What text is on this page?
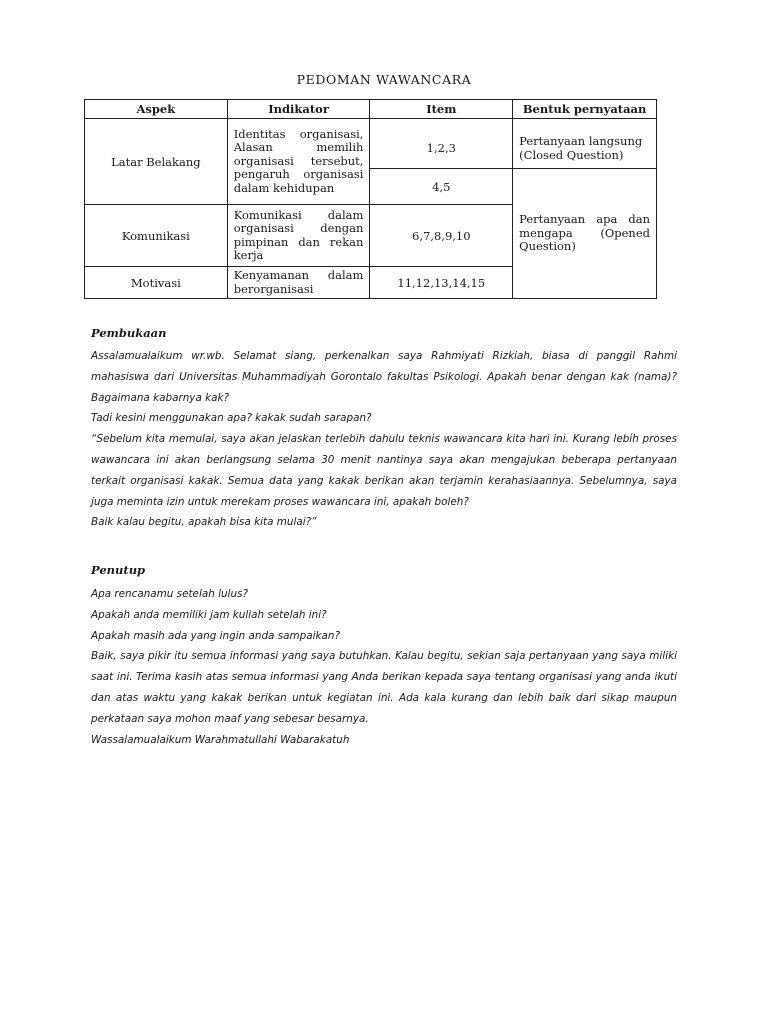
PEDOMAN WAWANCARA
Aspek	Indikator	Item	Bentuk pernyataan
Latar Belakang	Identitas organisasi, Alasan memilih organisasi tersebut, pengaruh organisasi dalam kehidupan	1,2,3	Pertanyaan langsung (Closed Question)
		4,5	Pertanyaan apa dan mengapa (Opened Question)
Komunikasi	Komunikasi dalam organisasi dengan pimpinan dan rekan kerja	6,7,8,9,10	
Motivasi	Kenyamanan dalam berorganisasi	11,12,13,14,15	
Pembukaan

Assalamualaikum wr.wb. Selamat siang, perkenalkan saya Rahmiyati Rizkiah, biasa di panggil Rahmi mahasiswa dari Universitas Muhammadiyah Gorontalo fakultas Psikologi. Apakah benar dengan kak (nama)? Bagaimana kabarnya kak?

Tadi kesini menggunakan apa? kakak sudah sarapan?

“Sebelum kita memulai, saya akan jelaskan terlebih dahulu teknis wawancara kita hari ini. Kurang lebih proses wawancara ini akan berlangsung selama 30 menit nantinya saya akan mengajukan beberapa pertanyaan terkait organisasi kakak. Semua data yang kakak berikan akan terjamin kerahasiaannya. Sebelumnya, saya juga meminta izin untuk merekam proses wawancara ini, apakah boleh?

Baik kalau begitu, apakah bisa kita mulai?”

Penutup

Apa rencanamu setelah lulus?

Apakah anda memiliki jam kuliah setelah ini?

Apakah masih ada yang ingin anda sampaikan?

Baik, saya pikir itu semua informasi yang saya butuhkan. Kalau begitu, sekian saja pertanyaan yang saya miliki saat ini. Terima kasih atas semua informasi yang Anda berikan kepada saya tentang organisasi yang anda ikuti dan atas waktu yang kakak berikan untuk kegiatan ini. Ada kala kurang dan lebih baik dari sikap maupun perkataan saya mohon maaf yang sebesar besarnya.

Wassalamualaikum Warahmatullahi Wabarakatuh
